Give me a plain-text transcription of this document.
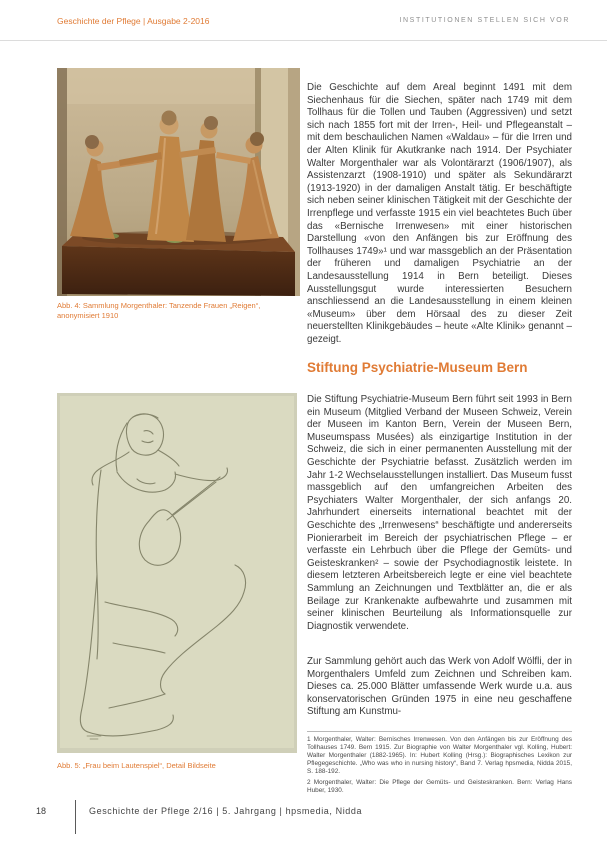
Geschichte der Pflege | Ausgabe 2-2016	INSTITUTIONEN STELLEN SICH VOR
Abb. 4: Sammlung Morgenthaler: Tanzende Frauen „Reigen“, anonymisiert 1910
Abb. 5: „Frau beim Lautenspiel“, Detail Bildseite

Die Geschichte auf dem Areal beginnt 1491 mit dem Siechenhaus für die Siechen, später nach 1749 mit dem Tollhaus für die Tollen und Tauben (Aggressiven) und setzt sich nach 1855 fort mit der Irren-, Heil- und Pflegeanstalt – mit dem beschaulichen Namen «Waldau» – für die Irren und der Alten Klinik für Akutkranke nach 1914. Der Psychiater Walter Morgenthaler war als Volontärarzt (1906/1907), als Assistenzarzt (1908-1910) und später als Sekundärarzt (1913-1920) in der damaligen Anstalt tätig. Er beschäftigte sich neben seiner klinischen Tätigkeit mit der Geschichte der Irrenpflege und verfasste 1915 ein viel beachtetes Buch über das «Bernische Irrenwesen» mit einer historischen Darstellung «von den Anfängen bis zur Eröffnung des Tollhauses 1749»¹ und war massgeblich an der Präsentation der früheren und damaligen Psychiatrie an der Landesausstellung 1914 in Bern beteiligt. Dieses Ausstellungsgut wurde interessierten Besuchern anschliessend an die Landesausstellung in einem kleinen «Museum» über dem Hörsaal des zu dieser Zeit neuerstellten Klinikgebäudes – heute «Alte Klinik» genannt – gezeigt.

Stiftung Psychiatrie-Museum Bern

Die Stiftung Psychiatrie-Museum Bern führt seit 1993 in Bern ein Museum (Mitglied Verband der Museen Schweiz, Verein der Museen im Kanton Bern, Verein der Museen Bern, Museumspass Musées) als einzigartige Institution in der Schweiz, die sich in einer permanenten Ausstellung mit der Geschichte der Psychiatrie befasst. Zusätzlich werden im Jahr 1-2 Wechselausstellungen installiert. Das Museum fusst massgeblich auf den umfangreichen Arbeiten des Psychiaters Walter Morgenthaler, der sich anfangs 20. Jahrhundert einerseits international beachtet mit der Geschichte des „Irrenwesens“ beschäftigte und andererseits Pionierarbeit im Bereich der psychiatrischen Pflege – er verfasste ein Lehrbuch über die Pflege der Gemüts- und Geisteskranken² – sowie der Psychodiagnostik leistete. In diesem letzteren Arbeitsbereich legte er eine viel beachtete Sammlung an Zeichnungen und Textblätter an, die er als Beilage zur Krankenakte aufbewahrte und zusammen mit seiner klinischen Beurteilung als Informationsquelle zur Diagnostik verwendete.

Zur Sammlung gehört auch das Werk von Adolf Wölfli, der in Morgenthalers Umfeld zum Zeichnen und Schreiben kam. Dieses ca. 25.000 Blätter umfassende Werk wurde u.a. aus konservatorischen Gründen 1975 in eine neu geschaffene Stiftung am Kunstmu-

1 Morgenthaler, Walter: Bernisches Irrenwesen. Von den Anfängen bis zur Eröffnung des Tollhauses 1749. Bern 1915. Zur Biographie von Walter Morgenthaler vgl. Kolling, Hubert: Walter Morgenthaler (1882-1965). In: Hubert Kolling (Hrsg.): Biographisches Lexikon zur Pflegegeschichte. „Who was who in nursing history“, Band 7. Verlag hpsmedia, Nidda 2015, S. 188-192.

2 Morgenthaler, Walter: Die Pflege der Gemüts- und Geisteskranken. Bern: Verlag Hans Huber, 1930.

18	Geschichte der Pflege 2/16 | 5. Jahrgang | hpsmedia, Nidda
